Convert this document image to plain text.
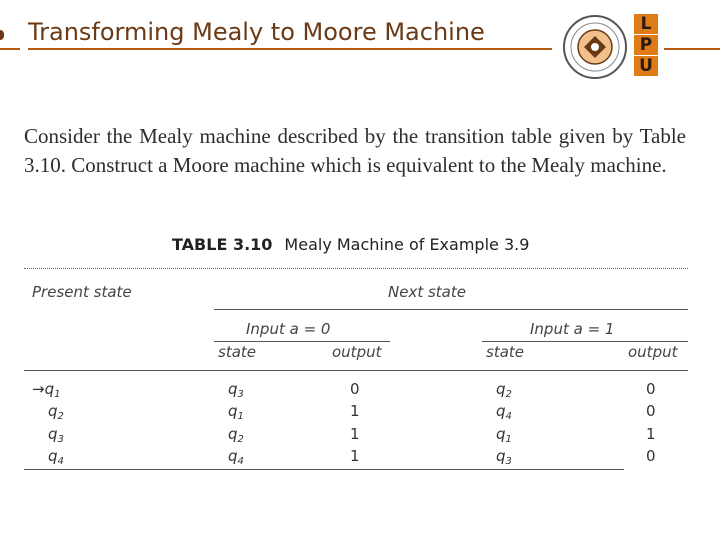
Transforming Mealy to Moore Machine	L
P
U
Consider the Mealy machine described by the transition table given by Table 3.10. Construct a Moore machine which is equivalent to the Mealy machine.
TABLE 3.10 Mealy Machine of Example 3.9
Present state	Next state
Input a = 0	Input a = 1
state	output	state	output
$\to q_1$	$q_3$	0	$q_2$	0
$q_2$	$q_1$	1	$q_4$	0
$q_3$	$q_2$	1	$q_1$	1
$q_4$	$q_4$	1	$q_3$	0
